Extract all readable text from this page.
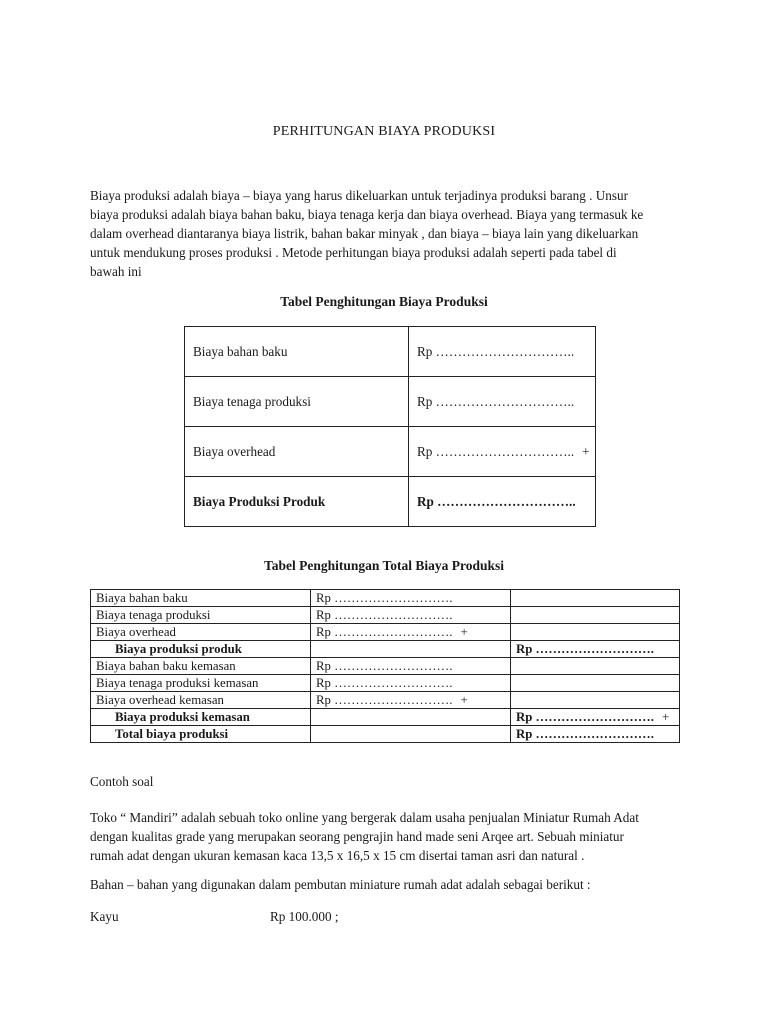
PERHITUNGAN BIAYA PRODUKSI
Biaya produksi adalah biaya – biaya yang harus dikeluarkan untuk terjadinya produksi barang . Unsur
biaya produksi adalah biaya bahan baku, biaya tenaga kerja dan biaya overhead. Biaya yang termasuk ke
dalam overhead diantaranya biaya listrik, bahan bakar minyak , dan biaya – biaya lain yang dikeluarkan
untuk mendukung proses produksi . Metode perhitungan biaya produksi adalah seperti pada tabel di
bawah ini
Tabel Penghitungan Biaya Produksi
Biaya bahan baku	Rp …………………………..
Biaya tenaga produksi	Rp …………………………..
Biaya overhead	Rp ………………………….. +
Biaya Produksi Produk	Rp …………………………..
Tabel Penghitungan Total Biaya Produksi
Biaya bahan baku	Rp ……………………….	
Biaya tenaga produksi	Rp ……………………….	
Biaya overhead	Rp ………………………. +	
Biaya produksi produk		Rp ……………………….
Biaya bahan baku kemasan	Rp ……………………….	
Biaya tenaga produksi kemasan	Rp ……………………….	
Biaya overhead kemasan	Rp ………………………. +	
Biaya produksi kemasan		Rp ………………………. +
Total biaya produksi		Rp ……………………….
Contoh soal
Toko “ Mandiri” adalah sebuah toko online yang bergerak dalam usaha penjualan Miniatur Rumah Adat
dengan kualitas grade yang merupakan seorang pengrajin hand made seni Arqee art. Sebuah miniatur
rumah adat dengan ukuran kemasan kaca 13,5 x 16,5 x 15 cm disertai taman asri dan natural .
Bahan – bahan yang digunakan dalam pembutan miniature rumah adat adalah sebagai berikut :
Kayu	Rp 100.000 ;
